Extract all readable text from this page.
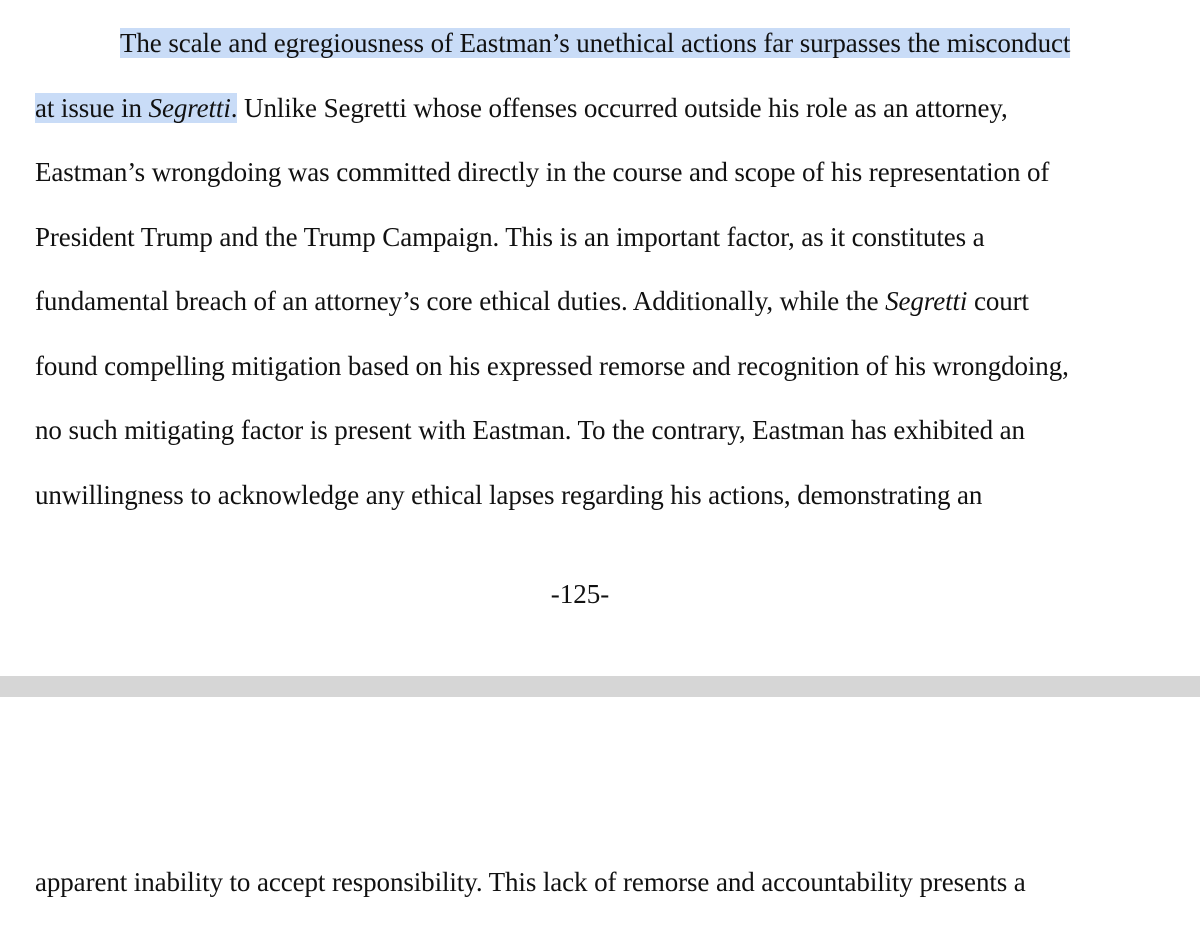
The scale and egregiousness of Eastman’s unethical actions far surpasses the misconduct
at issue in Segretti. Unlike Segretti whose offenses occurred outside his role as an attorney,
Eastman’s wrongdoing was committed directly in the course and scope of his representation of
President Trump and the Trump Campaign. This is an important factor, as it constitutes a
fundamental breach of an attorney’s core ethical duties. Additionally, while the Segretti court
found compelling mitigation based on his expressed remorse and recognition of his wrongdoing,
no such mitigating factor is present with Eastman. To the contrary, Eastman has exhibited an
unwillingness to acknowledge any ethical lapses regarding his actions, demonstrating an
-125-
apparent inability to accept responsibility. This lack of remorse and accountability presents a
